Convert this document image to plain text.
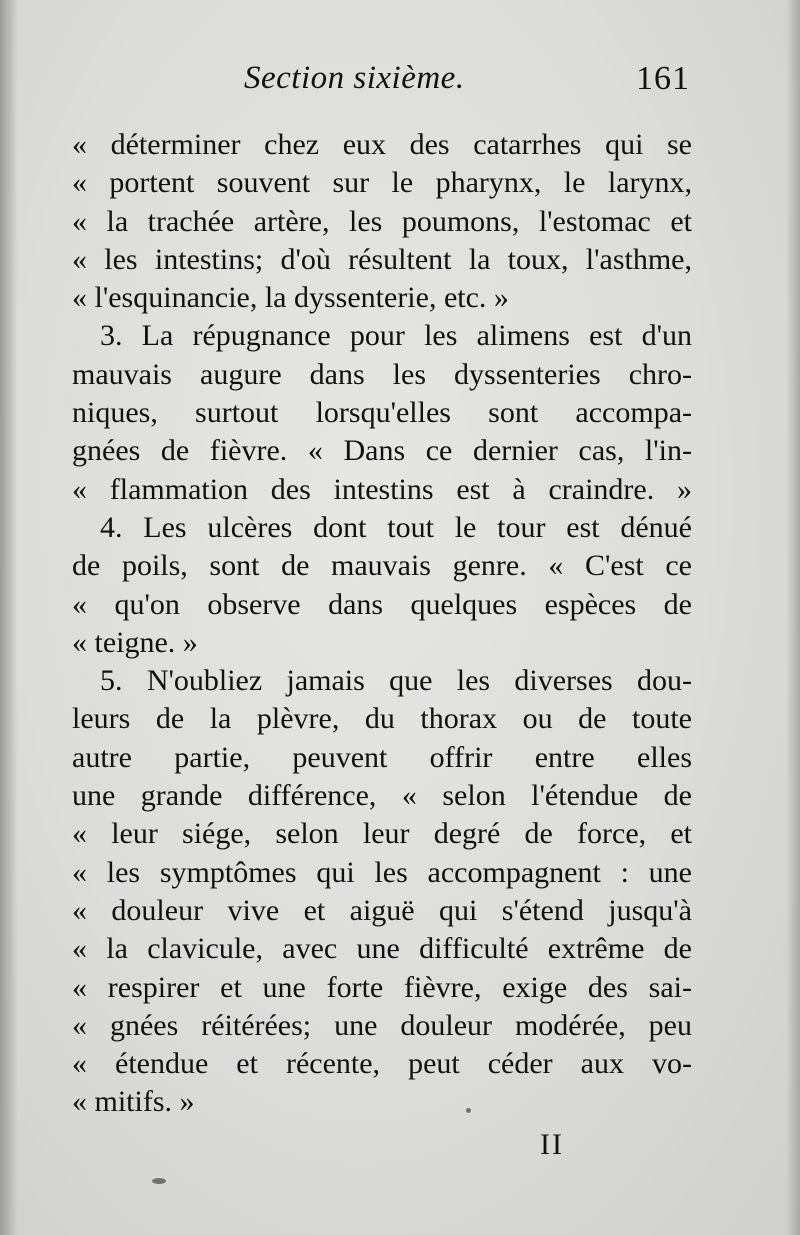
Section sixième.	161
« déterminer chez eux des catarrhes qui se
« portent souvent sur le pharynx, le larynx,
« la trachée artère, les poumons, l'estomac et
« les intestins; d'où résultent la toux, l'asthme,
« l'esquinancie, la dyssenterie, etc. »
3. La répugnance pour les alimens est d'un
mauvais augure dans les dyssenteries chro-
niques, surtout lorsqu'elles sont accompa-
gnées de fièvre. « Dans ce dernier cas, l'in-
« flammation des intestins est à craindre. »
4. Les ulcères dont tout le tour est dénué
de poils, sont de mauvais genre. « C'est ce
« qu'on observe dans quelques espèces de
« teigne. »
5. N'oubliez jamais que les diverses dou-
leurs de la plèvre, du thorax ou de toute
autre partie, peuvent offrir entre elles
une grande différence, « selon l'étendue de
« leur siége, selon leur degré de force, et
« les symptômes qui les accompagnent : une
« douleur vive et aiguë qui s'étend jusqu'à
« la clavicule, avec une difficulté extrême de
« respirer et une forte fièvre, exige des sai-
« gnées réitérées; une douleur modérée, peu
« étendue et récente, peut céder aux vo-
« mitifs. »
II
